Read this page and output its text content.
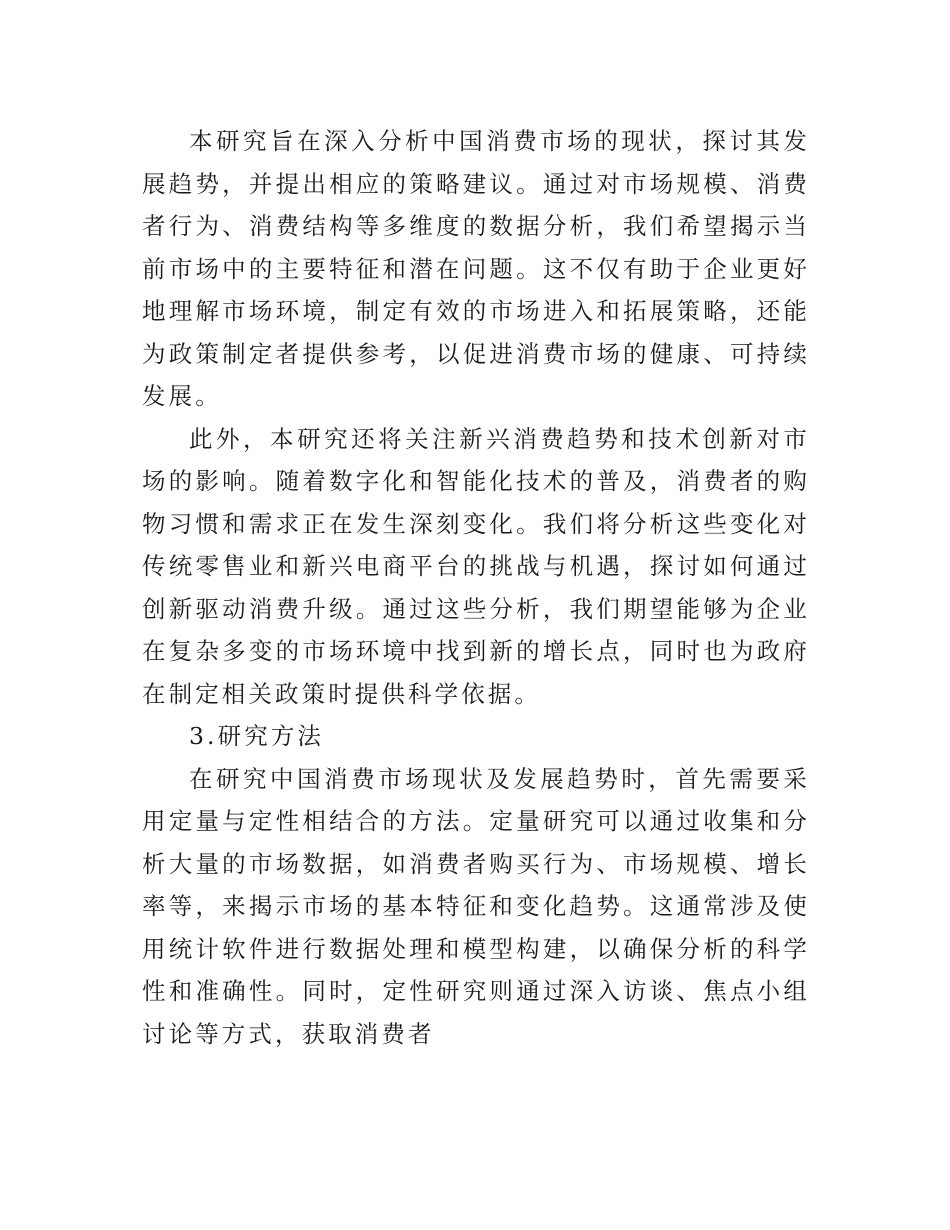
本研究旨在深入分析中国消费市场的现状，探讨其发展趋势，并提出相应的策略建议。通过对市场规模、消费者行为、消费结构等多维度的数据分析，我们希望揭示当前市场中的主要特征和潜在问题。这不仅有助于企业更好地理解市场环境，制定有效的市场进入和拓展策略，还能为政策制定者提供参考，以促进消费市场的健康、可持续发展。

此外，本研究还将关注新兴消费趋势和技术创新对市场的影响。随着数字化和智能化技术的普及，消费者的购物习惯和需求正在发生深刻变化。我们将分析这些变化对传统零售业和新兴电商平台的挑战与机遇，探讨如何通过创新驱动消费升级。通过这些分析，我们期望能够为企业在复杂多变的市场环境中找到新的增长点，同时也为政府在制定相关政策时提供科学依据。

3.研究方法

在研究中国消费市场现状及发展趋势时，首先需要采用定量与定性相结合的方法。定量研究可以通过收集和分析大量的市场数据，如消费者购买行为、市场规模、增长率等，来揭示市场的基本特征和变化趋势。这通常涉及使用统计软件进行数据处理和模型构建，以确保分析的科学性和准确性。同时，定性研究则通过深入访谈、焦点小组讨论等方式，获取消费者
